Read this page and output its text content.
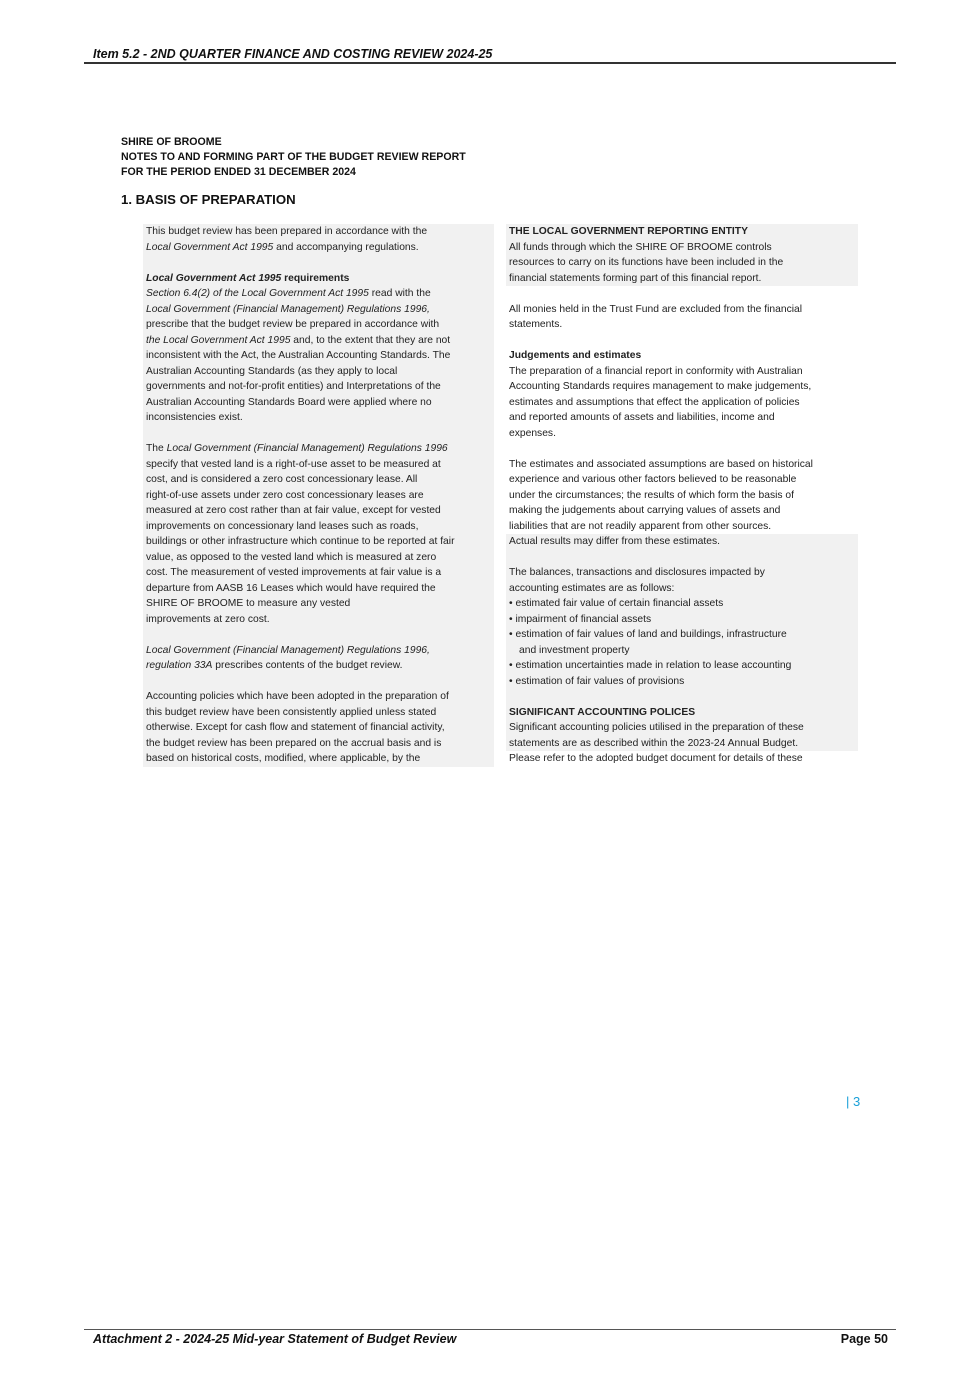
Item 5.2 - 2ND QUARTER FINANCE AND COSTING REVIEW 2024-25
SHIRE OF BROOME
NOTES TO AND FORMING PART OF THE BUDGET REVIEW REPORT
FOR THE PERIOD ENDED 31 DECEMBER 2024
1. BASIS OF PREPARATION

This budget review has been prepared in accordance with the

Local Government Act 1995 and accompanying regulations.

Local Government Act 1995 requirements

Section 6.4(2) of the Local Government Act 1995 read with the

Local Government (Financial Management) Regulations 1996,

prescribe that the budget review be prepared in accordance with

the Local Government Act 1995 and, to the extent that they are not

inconsistent with the Act, the Australian Accounting Standards. The

Australian Accounting Standards (as they apply to local

governments and not-for-profit entities) and Interpretations of the

Australian Accounting Standards Board were applied where no

inconsistencies exist.

The Local Government (Financial Management) Regulations 1996

specify that vested land is a right-of-use asset to be measured at

cost, and is considered a zero cost concessionary lease. All

right-of-use assets under zero cost concessionary leases are

measured at zero cost rather than at fair value, except for vested

improvements on concessionary land leases such as roads,

buildings or other infrastructure which continue to be reported at fair

value, as opposed to the vested land which is measured at zero

cost. The measurement of vested improvements at fair value is a

departure from AASB 16 Leases which would have required the

SHIRE OF BROOME to measure any vested

improvements at zero cost.

Local Government (Financial Management) Regulations 1996,

regulation 33A prescribes contents of the budget review.

Accounting policies which have been adopted in the preparation of

this budget review have been consistently applied unless stated

otherwise. Except for cash flow and statement of financial activity,

the budget review has been prepared on the accrual basis and is

based on historical costs, modified, where applicable, by the

THE LOCAL GOVERNMENT REPORTING ENTITY

All funds through which the SHIRE OF BROOME controls

resources to carry on its functions have been included in the

financial statements forming part of this financial report.

All monies held in the Trust Fund are excluded from the financial

statements.

Judgements and estimates

The preparation of a financial report in conformity with Australian

Accounting Standards requires management to make judgements,

estimates and assumptions that effect the application of policies

and reported amounts of assets and liabilities, income and

expenses.

The estimates and associated assumptions are based on historical

experience and various other factors believed to be reasonable

under the circumstances; the results of which form the basis of

making the judgements about carrying values of assets and

liabilities that are not readily apparent from other sources.

Actual results may differ from these estimates.

The balances, transactions and disclosures impacted by

accounting estimates are as follows:

• estimated fair value of certain financial assets

• impairment of financial assets

• estimation of fair values of land and buildings, infrastructure

and investment property

• estimation uncertainties made in relation to lease accounting

• estimation of fair values of provisions

SIGNIFICANT ACCOUNTING POLICES

Significant accounting policies utilised in the preparation of these

statements are as described within the 2023-24 Annual Budget.

Please refer to the adopted budget document for details of these

| 3
Attachment 2 - 2024-25 Mid-year Statement of Budget Review	Page 50
